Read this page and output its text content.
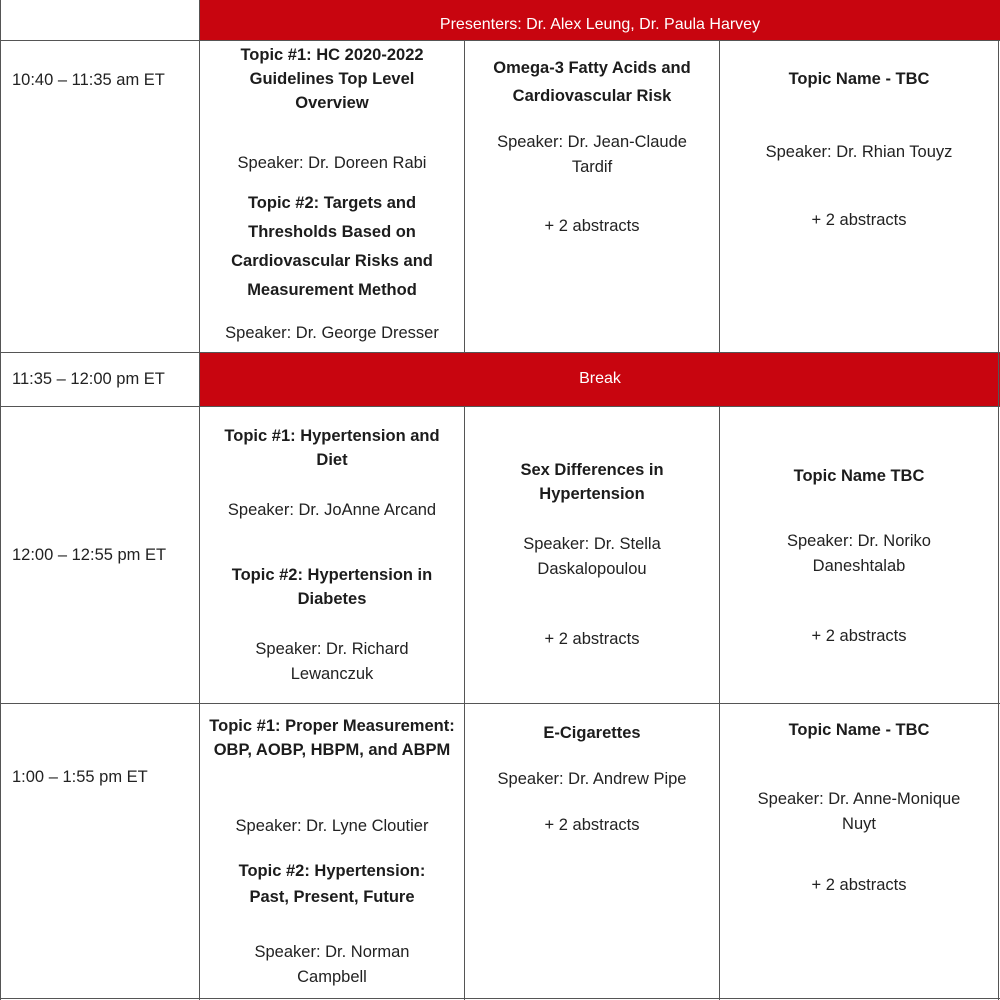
Presenters: Dr. Alex Leung, Dr. Paula Harvey
Break
10:40 – 11:35 am ET
11:35 – 12:00 pm ET
12:00 – 12:55 pm ET
1:00 – 1:55 pm ET
Topic #1: HC 2020-2022 Guidelines Top Level Overview
Speaker: Dr. Doreen Rabi
Topic #2: Targets and Thresholds Based on Cardiovascular Risks and Measurement Method
Speaker: Dr. George Dresser
Omega-3 Fatty Acids and Cardiovascular Risk
Speaker: Dr. Jean-Claude Tardif
+ 2 abstracts
Topic Name - TBC
Speaker: Dr. Rhian Touyz
+ 2 abstracts
Topic #1: Hypertension and Diet
Speaker: Dr. JoAnne Arcand
Topic #2: Hypertension in Diabetes
Speaker: Dr. Richard Lewanczuk
Sex Differences in Hypertension
Speaker: Dr. Stella Daskalopoulou
+ 2 abstracts
Topic Name TBC
Speaker: Dr. Noriko Daneshtalab
+ 2 abstracts
Topic #1: Proper Measurement: OBP, AOBP, HBPM, and ABPM
Speaker: Dr. Lyne Cloutier
Topic #2: Hypertension: Past, Present, Future
Speaker: Dr. Norman Campbell
E-Cigarettes
Speaker: Dr. Andrew Pipe
+ 2 abstracts
Topic Name - TBC
Speaker: Dr. Anne-Monique Nuyt
+ 2 abstracts
